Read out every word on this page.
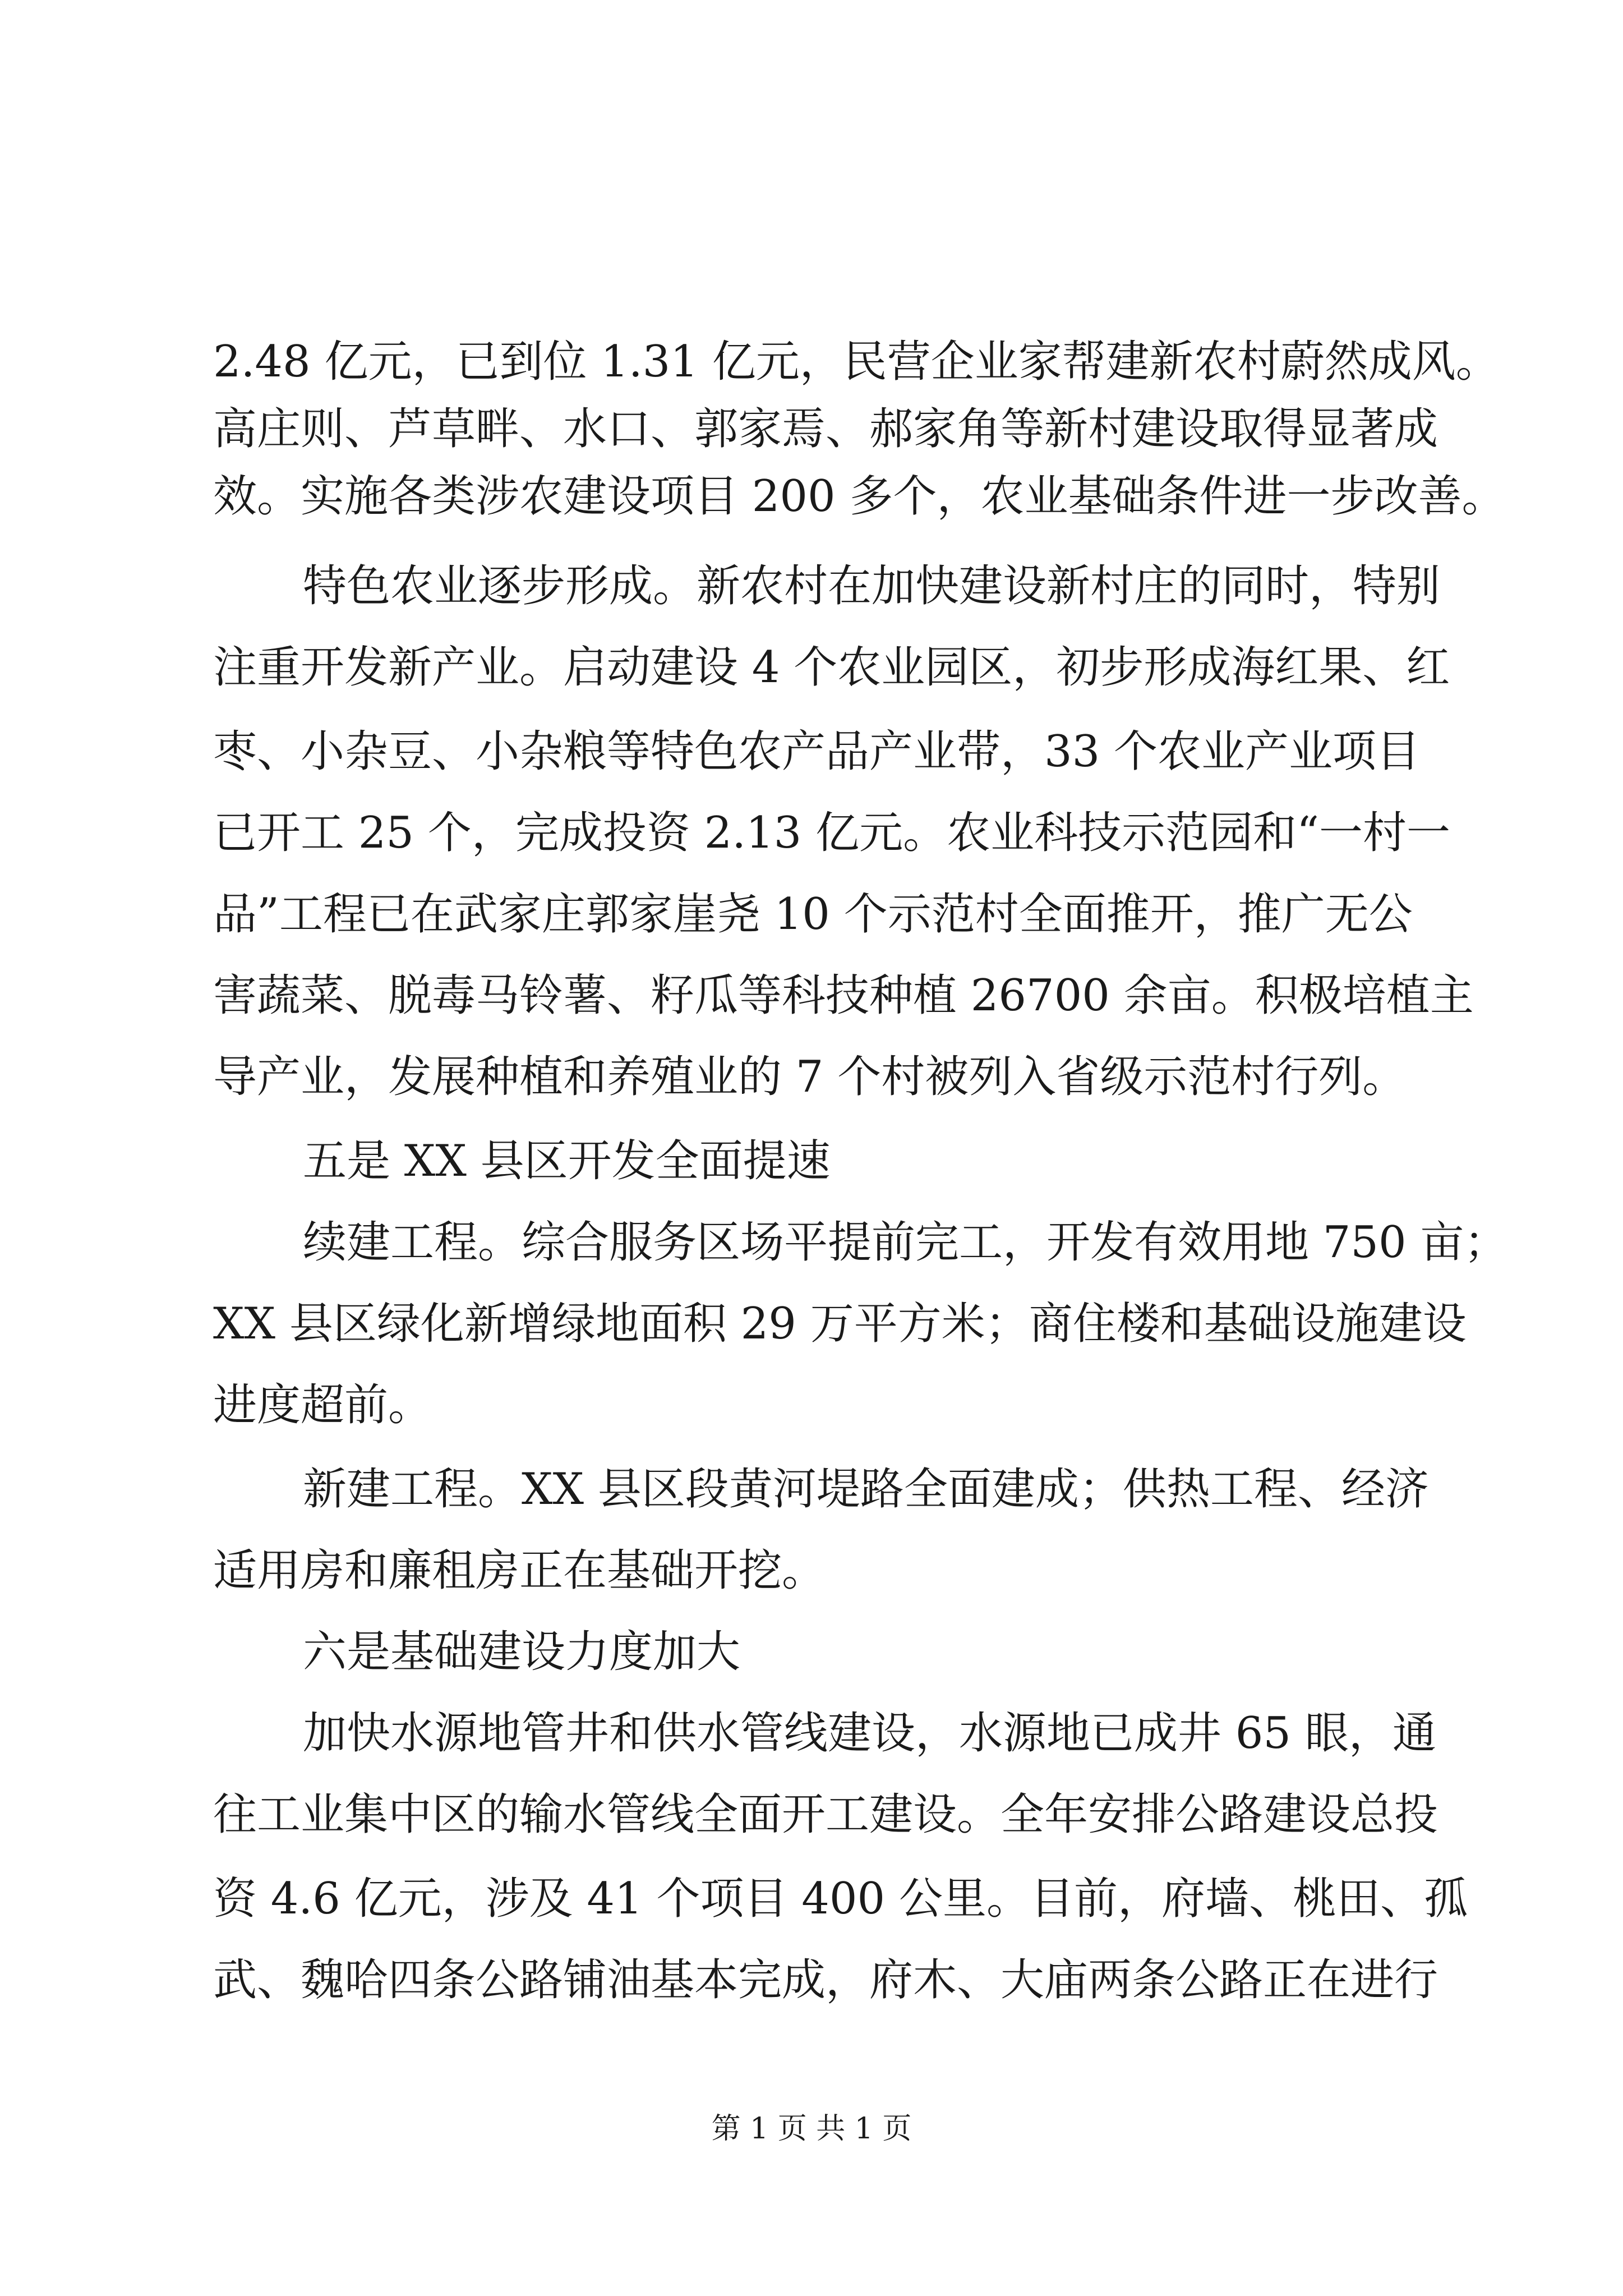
2.48 亿元，已到位 1.31 亿元，民营企业家帮建新农村蔚然成风。

高庄则、芦草畔、水口、郭家焉、郝家角等新村建设取得显著成

效。实施各类涉农建设项目 200 多个，农业基础条件进一步改善。

特色农业逐步形成。新农村在加快建设新村庄的同时，特别

注重开发新产业。启动建设 4 个农业园区，初步形成海红果、红

枣、小杂豆、小杂粮等特色农产品产业带，33 个农业产业项目

已开工 25 个，完成投资 2.13 亿元。农业科技示范园和“一村一

品”工程已在武家庄郭家崖尧 10 个示范村全面推开，推广无公

害蔬菜、脱毒马铃薯、籽瓜等科技种植 26700 余亩。积极培植主

导产业，发展种植和养殖业的 7 个村被列入省级示范村行列。

五是 XX 县区开发全面提速

续建工程。综合服务区场平提前完工，开发有效用地 750 亩；

XX 县区绿化新增绿地面积 29 万平方米；商住楼和基础设施建设

进度超前。

新建工程。XX 县区段黄河堤路全面建成；供热工程、经济

适用房和廉租房正在基础开挖。

六是基础建设力度加大

加快水源地管井和供水管线建设，水源地已成井 65 眼，通

往工业集中区的输水管线全面开工建设。全年安排公路建设总投

资 4.6 亿元，涉及 41 个项目 400 公里。目前，府墙、桃田、孤

武、魏哈四条公路铺油基本完成，府木、大庙两条公路正在进行

第 1 页 共 1 页
